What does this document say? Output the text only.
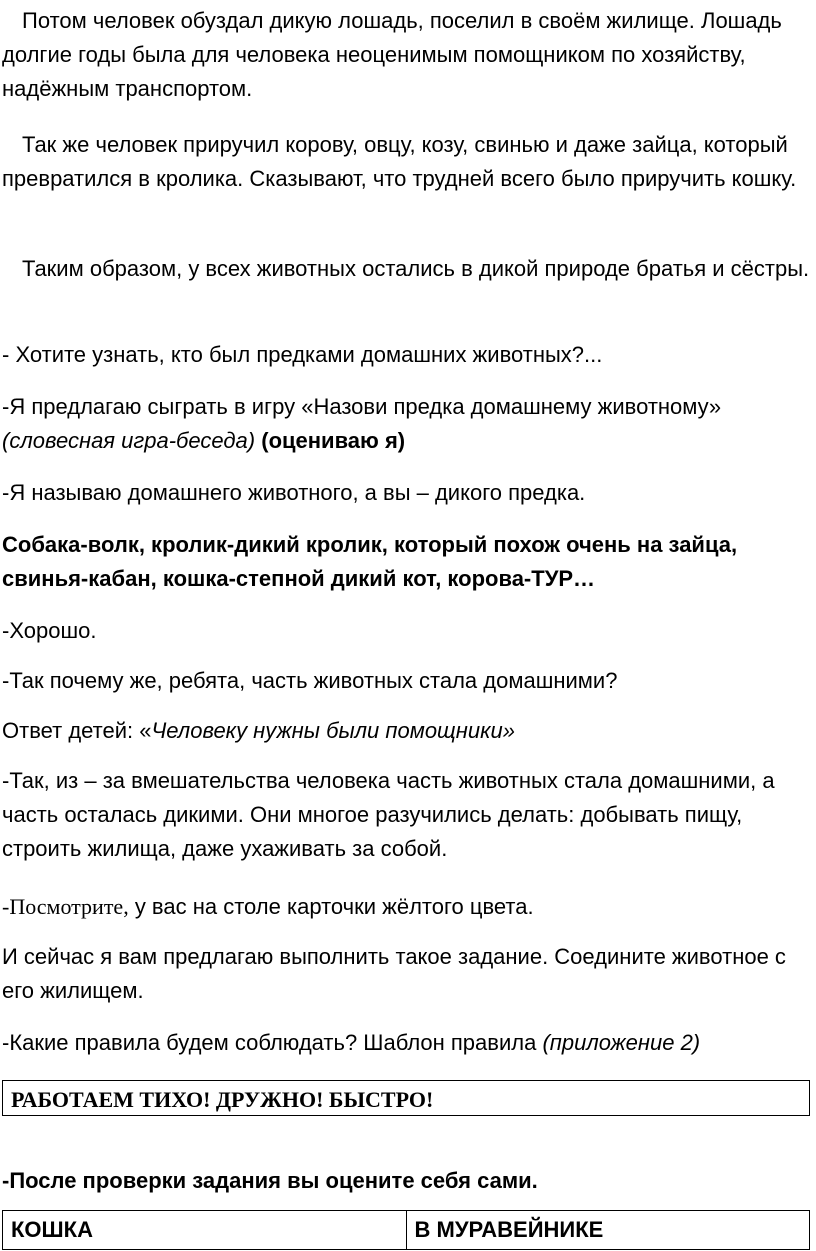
Потом человек обуздал дикую лошадь, поселил в своём жилище. Лошадь долгие годы была для человека неоценимым помощником по хозяйству, надёжным транспортом.

Так же человек приручил корову, овцу, козу, свинью и даже зайца, который превратился в кролика. Сказывают, что трудней всего было приручить кошку.

Таким образом, у всех животных остались в дикой природе братья и сёстры.

- Хотите узнать, кто был предками домашних животных?...

-Я предлагаю сыграть в игру «Назови предка домашнему животному» (словесная игра-беседа) (оцениваю я)

-Я называю домашнего животного, а вы – дикого предка.

Собака-волк, кролик-дикий кролик, который похож очень на зайца, свинья-кабан, кошка-степной дикий кот, корова-ТУР…

-Хорошо.

-Так почему же, ребята, часть животных стала домашними?

Ответ детей: «Человеку нужны были помощники»

-Так, из – за вмешательства человека часть животных стала домашними, а часть осталась дикими. Они многое разучились делать: добывать пищу, строить жилища, даже ухаживать за собой.

-Посмотрите, у вас на столе карточки жёлтого цвета.

И сейчас я вам предлагаю выполнить такое задание. Соедините животное с его жилищем.

-Какие правила будем соблюдать? Шаблон правила (приложение 2)

РАБОТАЕМ ТИХО! ДРУЖНО! БЫСТРО!

-После проверки задания вы оцените себя сами.

КОШКА	В МУРАВЕЙНИКЕ
